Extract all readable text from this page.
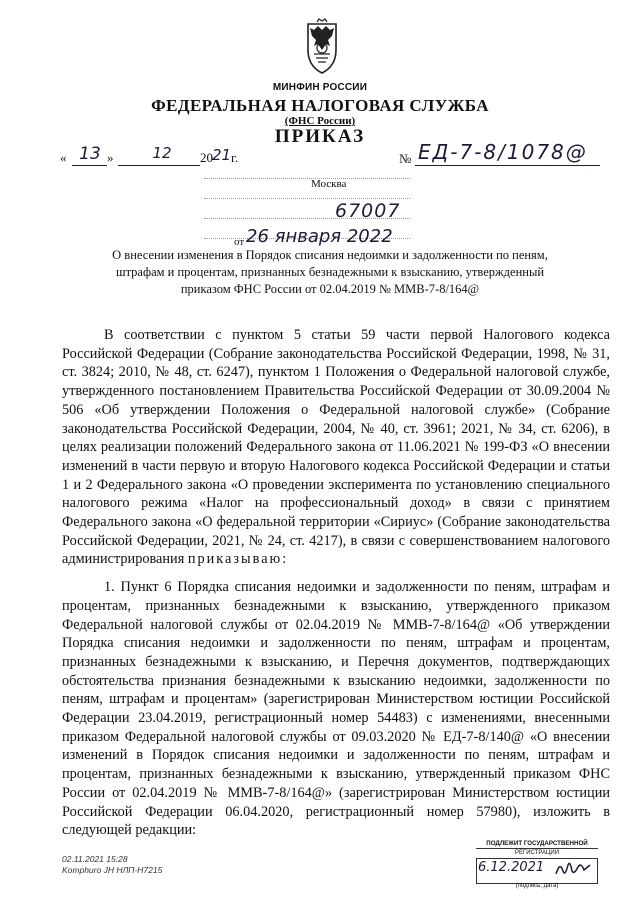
МИНФИН РОССИИ
ФЕДЕРАЛЬНАЯ НАЛОГОВАЯ СЛУЖБА
(ФНС России)
ПРИКАЗ
« 13 »	12	20 21 г.	№ ЕД-7-8/1078@
Москва
67007
от 26 января 2022
О внесении изменения в Порядок списания недоимки и задолженности по пеням, штрафам и процентам, признанных безнадежными к взысканию, утвержденный приказом ФНС России от 02.04.2019 № ММВ-7-8/164@

В соответствии с пунктом 5 статьи 59 части первой Налогового кодекса Российской Федерации (Собрание законодательства Российской Федерации, 1998, № 31, ст. 3824; 2010, № 48, ст. 6247), пунктом 1 Положения о Федеральной налоговой службе, утвержденного постановлением Правительства Российской Федерации от 30.09.2004 № 506 «Об утверждении Положения о Федеральной налоговой службе» (Собрание законодательства Российской Федерации, 2004, № 40, ст. 3961; 2021, № 34, ст. 6206), в целях реализации положений Федерального закона от 11.06.2021 № 199-ФЗ «О внесении изменений в части первую и вторую Налогового кодекса Российской Федерации и статьи 1 и 2 Федерального закона «О проведении эксперимента по установлению специального налогового режима «Налог на профессиональный доход» в связи с принятием Федерального закона «О федеральной территории «Сириус» (Собрание законодательства Российской Федерации, 2021, № 24, ст. 4217), в связи с совершенствованием налогового администрирования приказываю:

1. Пункт 6 Порядка списания недоимки и задолженности по пеням, штрафам и процентам, признанных безнадежными к взысканию, утвержденного приказом Федеральной налоговой службы от 02.04.2019 № ММВ-7-8/164@ «Об утверждении Порядка списания недоимки и задолженности по пеням, штрафам и процентам, признанных безнадежными к взысканию, и Перечня документов, подтверждающих обстоятельства признания безнадежными к взысканию недоимки, задолженности по пеням, штрафам и процентам» (зарегистрирован Министерством юстиции Российской Федерации 23.04.2019, регистрационный номер 54483) с изменениями, внесенными приказом Федеральной налоговой службы от 09.03.2020 № ЕД-7-8/140@ «О внесении изменений в Порядок списания недоимки и задолженности по пеням, штрафам и процентам, признанных безнадежными к взысканию, утвержденный приказом ФНС России от 02.04.2019 № ММВ-7-8/164@» (зарегистрирован Министерством юстиции Российской Федерации 06.04.2020, регистрационный номер 57980), изложить в следующей редакции:

02.11.2021 15:28
Komphuro JH HЛП-H7215
ПОДЛЕЖИТ ГОСУДАРСТВЕННОЙ
РЕГИСТРАЦИИ
6.12.2021
(подпись, дата)
